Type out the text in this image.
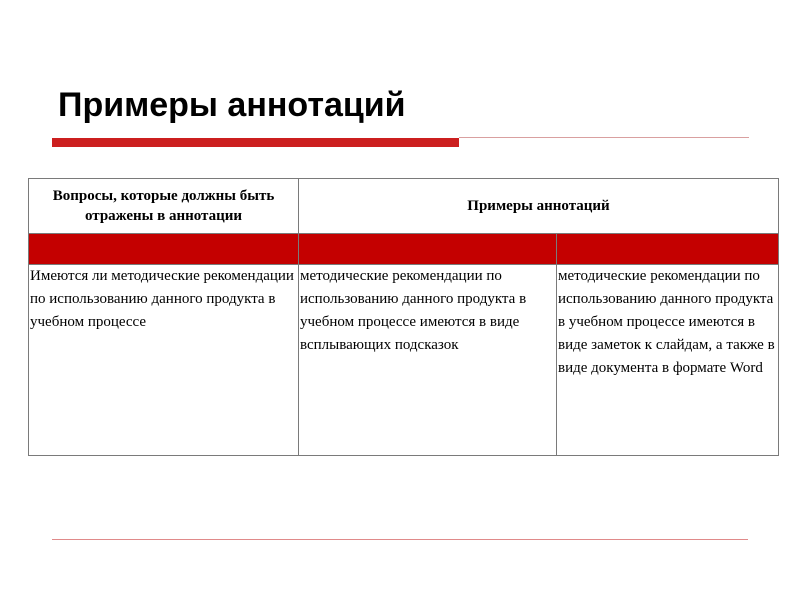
Примеры аннотаций
Вопросы, которые должны быть отражены в аннотации	Примеры аннотаций	

Имеются ли методические рекомендации по использованию данного продукта в учебном процессе	методические рекомендации по использованию данного продукта в учебном процессе имеются в виде всплывающих подсказок	методические рекомендации по использованию данного продукта в учебном процессе имеются в виде заметок к слайдам, а также в виде документа в формате Word
